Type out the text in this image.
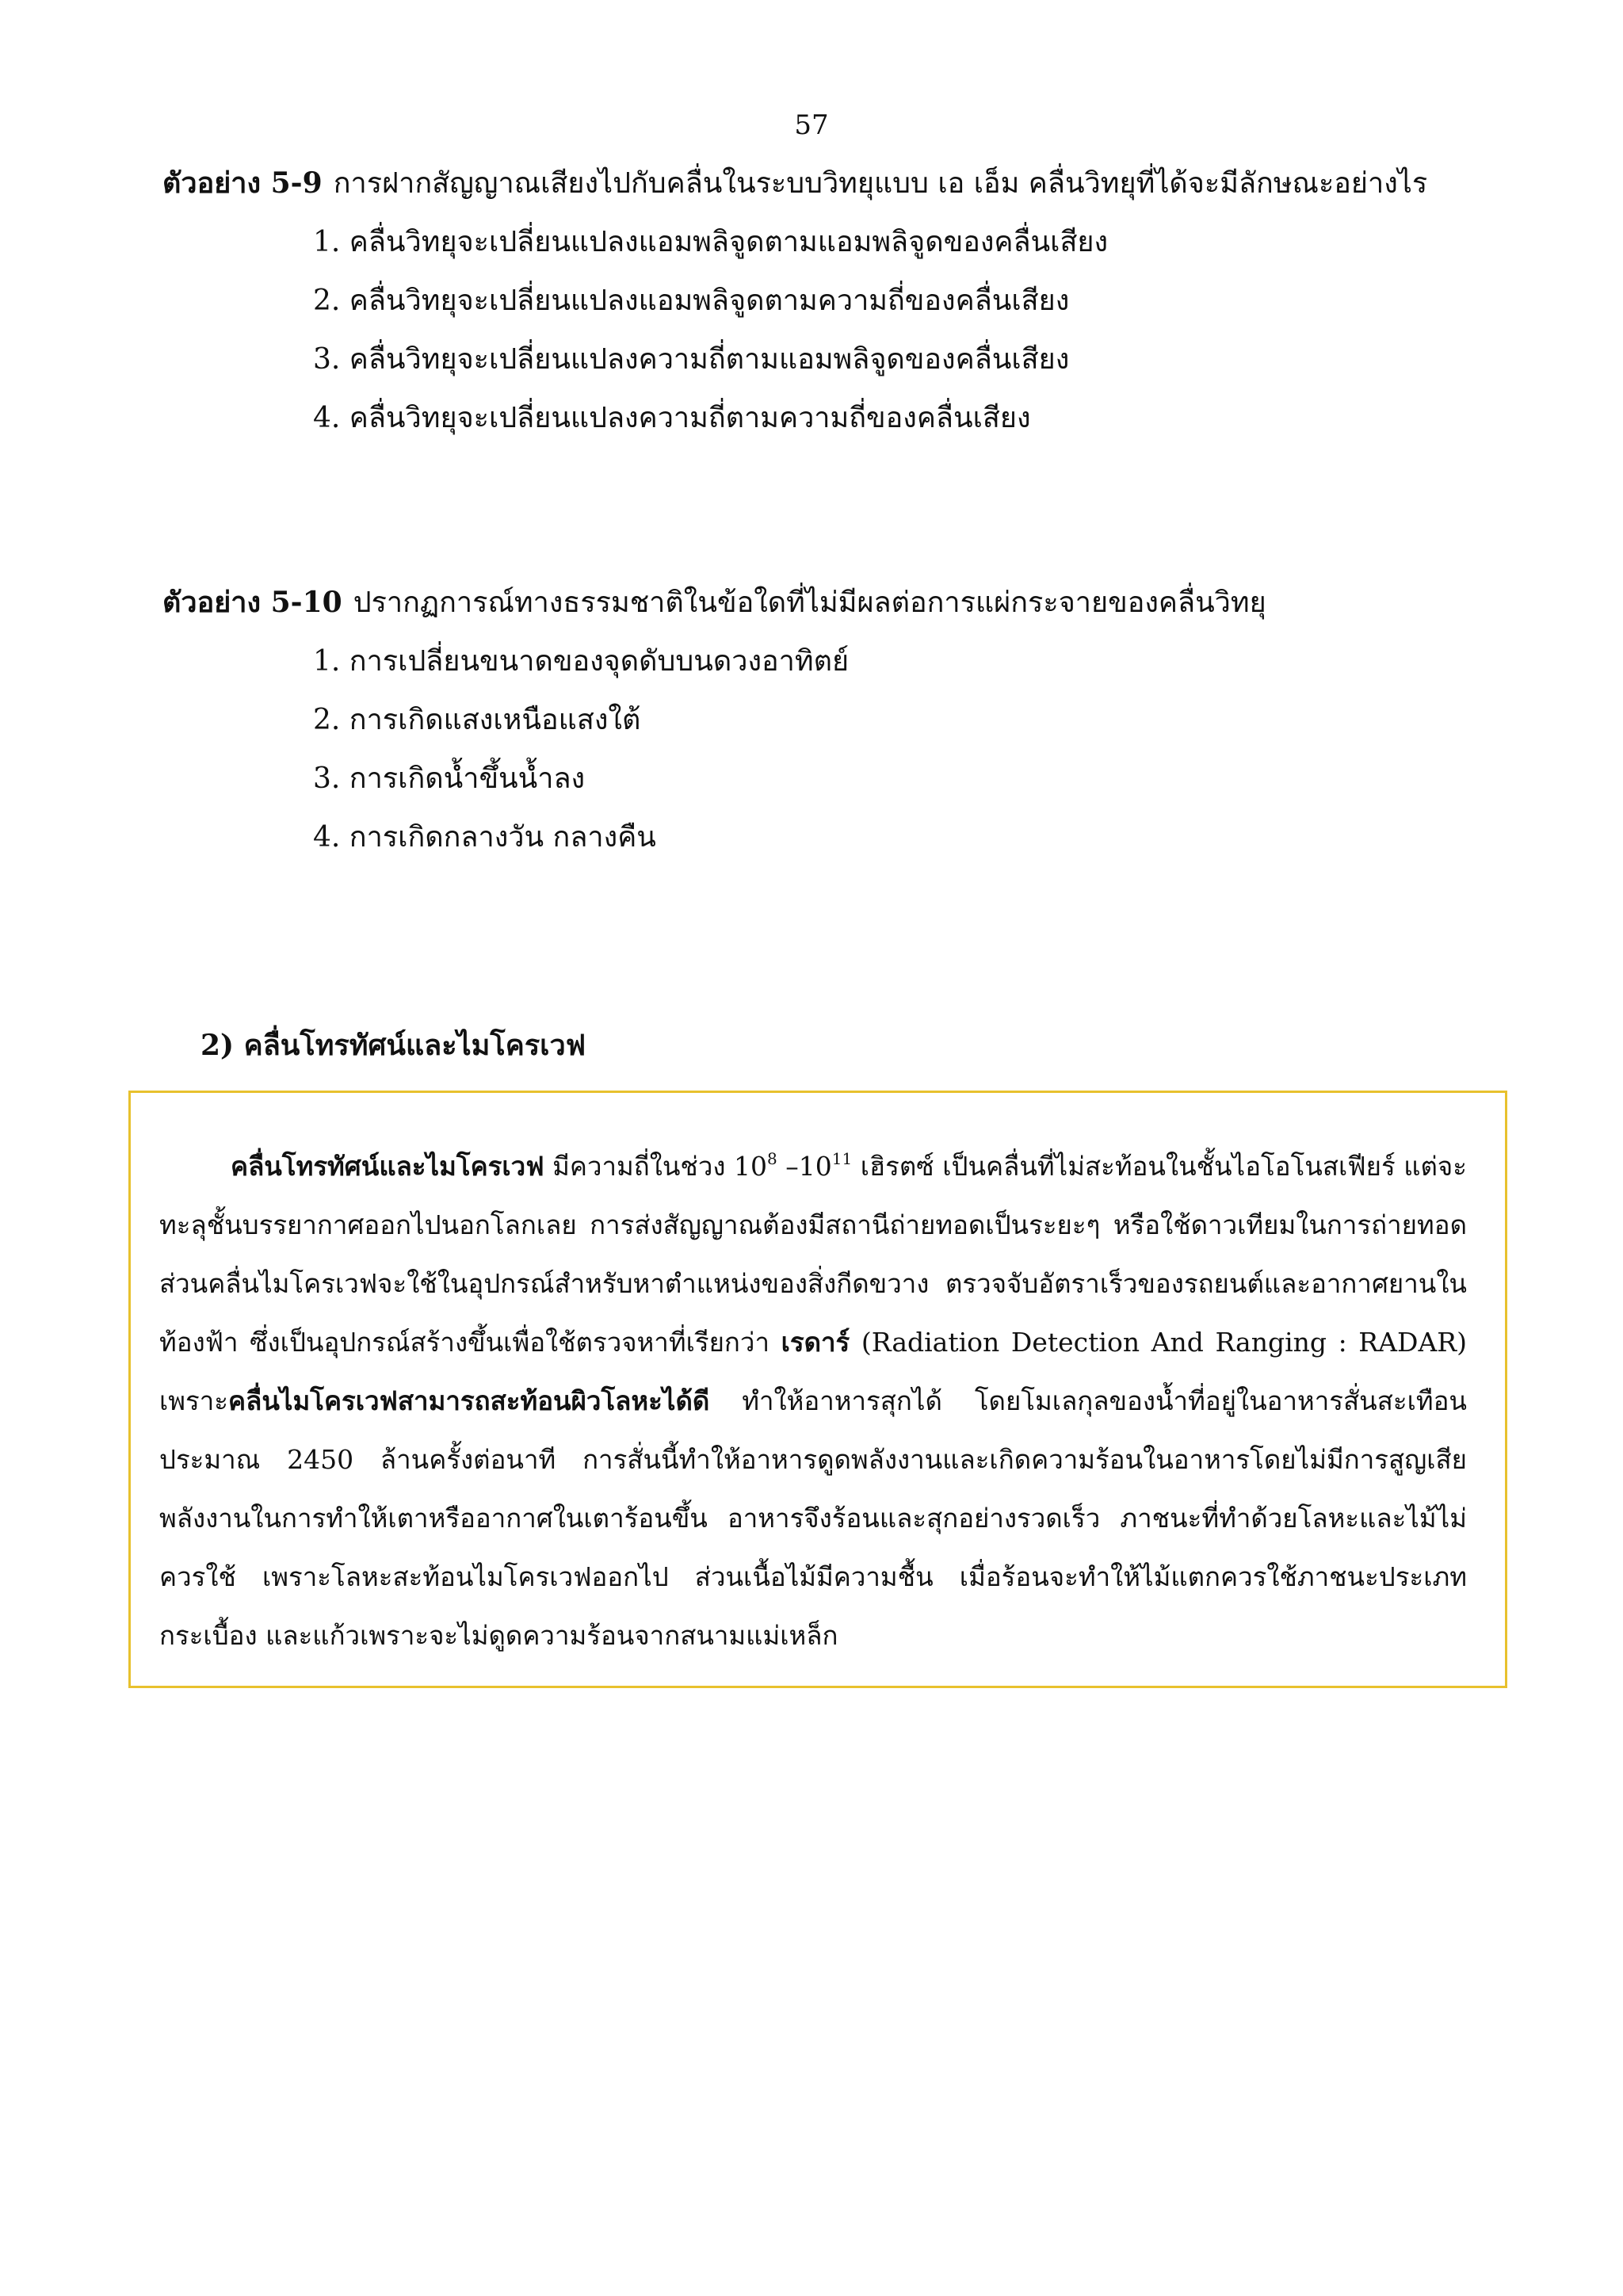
57
ตัวอย่าง 5-9 การฝากสัญญาณเสียงไปกับคลื่นในระบบวิทยุแบบ เอ เอ็ม คลื่นวิทยุที่ได้จะมีลักษณะอย่างไร
1. คลื่นวิทยุจะเปลี่ยนแปลงแอมพลิจูดตามแอมพลิจูดของคลื่นเสียง
2. คลื่นวิทยุจะเปลี่ยนแปลงแอมพลิจูดตามความถี่ของคลื่นเสียง
3. คลื่นวิทยุจะเปลี่ยนแปลงความถี่ตามแอมพลิจูดของคลื่นเสียง
4. คลื่นวิทยุจะเปลี่ยนแปลงความถี่ตามความถี่ของคลื่นเสียง
ตัวอย่าง 5-10 ปรากฏการณ์ทางธรรมชาติในข้อใดที่ไม่มีผลต่อการแผ่กระจายของคลื่นวิทยุ
1. การเปลี่ยนขนาดของจุดดับบนดวงอาทิตย์
2. การเกิดแสงเหนือแสงใต้
3. การเกิดน้ำขึ้นน้ำลง
4. การเกิดกลางวัน กลางคืน
2) คลื่นโทรทัศน์และไมโครเวฟ
คลื่นโทรทัศน์และไมโครเวฟ มีความถี่ในช่วง $10^8$ $-10^{11}$ เฮิรตซ์ เป็นคลื่นที่ไม่สะท้อนในชั้นไอโอโนสเฟียร์ แต่จะทะลุชั้นบรรยากาศออกไปนอกโลกเลย การส่งสัญญาณต้องมีสถานีถ่ายทอดเป็นระยะๆ หรือใช้ดาวเทียมในการถ่ายทอด ส่วนคลื่นไมโครเวฟจะใช้ในอุปกรณ์สำหรับหาตำแหน่งของสิ่งกีดขวาง ตรวจจับอัตราเร็วของรถยนต์และอากาศยานในท้องฟ้า ซึ่งเป็นอุปกรณ์สร้างขึ้นเพื่อใช้ตรวจหาที่เรียกว่า เรดาร์ (Radiation Detection And Ranging : RADAR) เพราะคลื่นไมโครเวฟสามารถสะท้อนผิวโลหะได้ดี ทำให้อาหารสุกได้ โดยโมเลกุลของน้ำที่อยู่ในอาหารสั่นสะเทือนประมาณ 2450 ล้านครั้งต่อนาที การสั่นนี้ทำให้อาหารดูดพลังงานและเกิดความร้อนในอาหารโดยไม่มีการสูญเสียพลังงานในการทำให้เตาหรืออากาศในเตาร้อนขึ้น อาหารจึงร้อนและสุกอย่างรวดเร็ว ภาชนะที่ทำด้วยโลหะและไม้ไม่ควรใช้ เพราะโลหะสะท้อนไมโครเวฟออกไป ส่วนเนื้อไม้มีความชื้น เมื่อร้อนจะทำให้ไม้แตกควรใช้ภาชนะประเภทกระเบื้อง และแก้วเพราะจะไม่ดูดความร้อนจากสนามแม่เหล็ก
